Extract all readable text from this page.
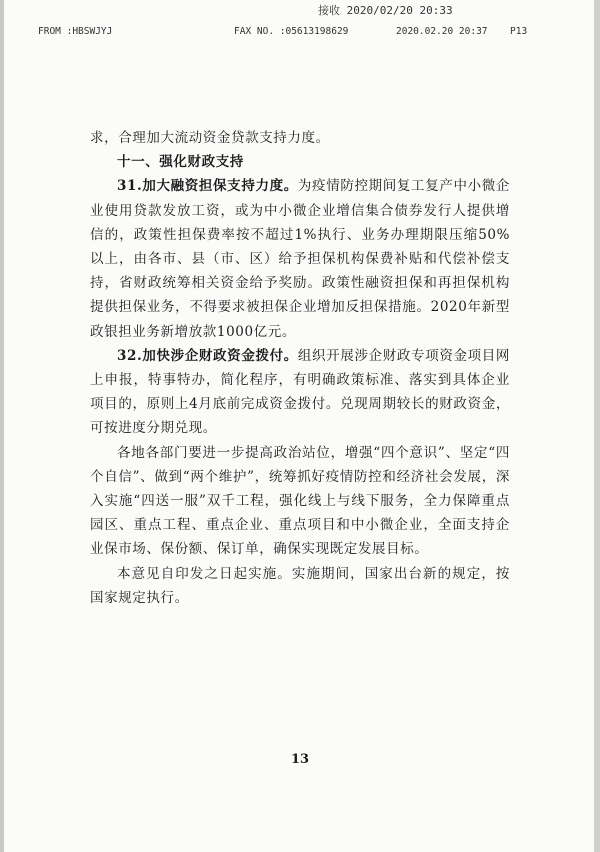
接收 2020/02/20 20:33
FROM :HBSWJYJ	FAX NO. :05613198629	2020.02.20 20:37 P13

求，合理加大流动资金贷款支持力度。

十一、强化财政支持

31.加大融资担保支持力度。为疫情防控期间复工复产中小微企业使用贷款发放工资，或为中小微企业增信集合债券发行人提供增信的，政策性担保费率按不超过1%执行、业务办理期限压缩50%以上，由各市、县（市、区）给予担保机构保费补贴和代偿补偿支持，省财政统筹相关资金给予奖励。政策性融资担保和再担保机构提供担保业务，不得要求被担保企业增加反担保措施。2020年新型政银担业务新增放款1000亿元。

32.加快涉企财政资金拨付。组织开展涉企财政专项资金项目网上申报，特事特办，简化程序，有明确政策标准、落实到具体企业项目的，原则上4月底前完成资金拨付。兑现周期较长的财政资金，可按进度分期兑现。

各地各部门要进一步提高政治站位，增强“四个意识”、坚定“四个自信”、做到“两个维护”，统筹抓好疫情防控和经济社会发展，深入实施“四送一服”双千工程，强化线上与线下服务，全力保障重点园区、重点工程、重点企业、重点项目和中小微企业，全面支持企业保市场、保份额、保订单，确保实现既定发展目标。

本意见自印发之日起实施。实施期间，国家出台新的规定，按国家规定执行。

13
